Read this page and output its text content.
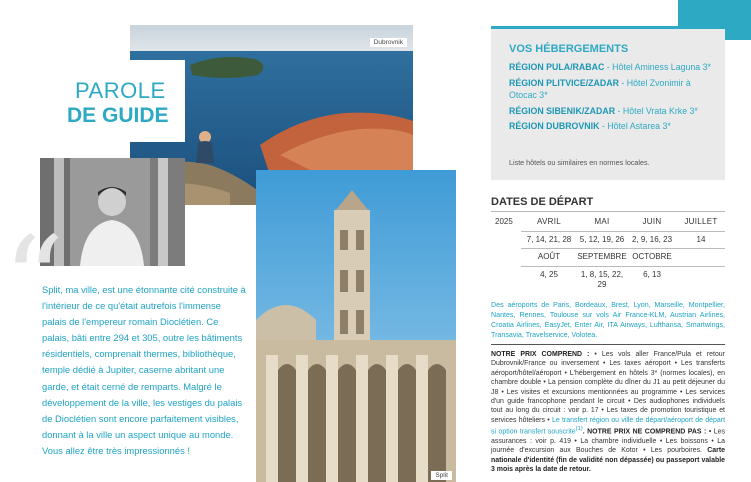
Dubrovnik
Split
PAROLE
DE GUIDE
“
Split, ma ville, est une étonnante cité construite à l'intérieur de ce qu'était autrefois l'immense palais de l'empereur romain Dioclétien. Ce palais, bâti entre 294 et 305, outre les bâtiments résidentiels, comprenait thermes, bibliothèque, temple dédié à Jupiter, caserne abritant une garde, et était cerné de remparts. Malgré le développement de la ville, les vestiges du palais de Dioclétien sont encore parfaitement visibles, donnant à la ville un aspect unique au monde. Vous allez être très impressionnés !
VOS HÉBERGEMENTS
RÉGION PULA/RABAC - Hôtel Aminess Laguna 3*
RÉGION PLITVICE/ZADAR - Hôtel Zvonimir à Otocac 3*
RÉGION SIBENIK/ZADAR - Hôtel Vrata Krke 3*
RÉGION DUBROVNIK - Hôtel Astarea 3*
Liste hôtels ou similaires en normes locales.
DATES DE DÉPART
2025	AVRIL	MAI	JUIN	JUILLET
7, 14, 21, 28	5, 12, 19, 26	2, 9, 16, 23	14
AOÛT	SEPTEMBRE	OCTOBRE	
4, 25	1, 8, 15, 22, 29	6, 13	
Des aéroports de Paris, Bordeaux, Brest, Lyon, Marseille, Montpellier, Nantes, Rennes, Toulouse sur vols Air France-KLM, Austrian Airlines, Croatia Airlines, EasyJet, Enter Air, ITA Airways, Lufthansa, Smartwings, Transavia, Travelservice, Volotea.
NOTRE PRIX COMPREND : • Les vols aller France/Pula et retour Dubrovnik/France ou inversement • Les taxes aéroport • Les transferts aéroport/hôtel/aéroport • L'hébergement en hôtels 3* (normes locales), en chambre double • La pension complète du dîner du J1 au petit déjeuner du J8 • Les visites et excursions mentionnées au programme • Les services d'un guide francophone pendant le circuit • Des audiophones individuels tout au long du circuit : voir p. 17 • Les taxes de promotion touristique et services hôteliers • Le transfert région ou ville de départ/aéroport de départ si option transfert souscrite$^{(1)}$. NOTRE PRIX NE COMPREND PAS : • Les assurances : voir p. 419 • La chambre individuelle • Les boissons • La journée d'excursion aux Bouches de Kotor • Les pourboires. Carte nationale d'identité (fin de validité non dépassée) ou passeport valable 3 mois après la date de retour.
